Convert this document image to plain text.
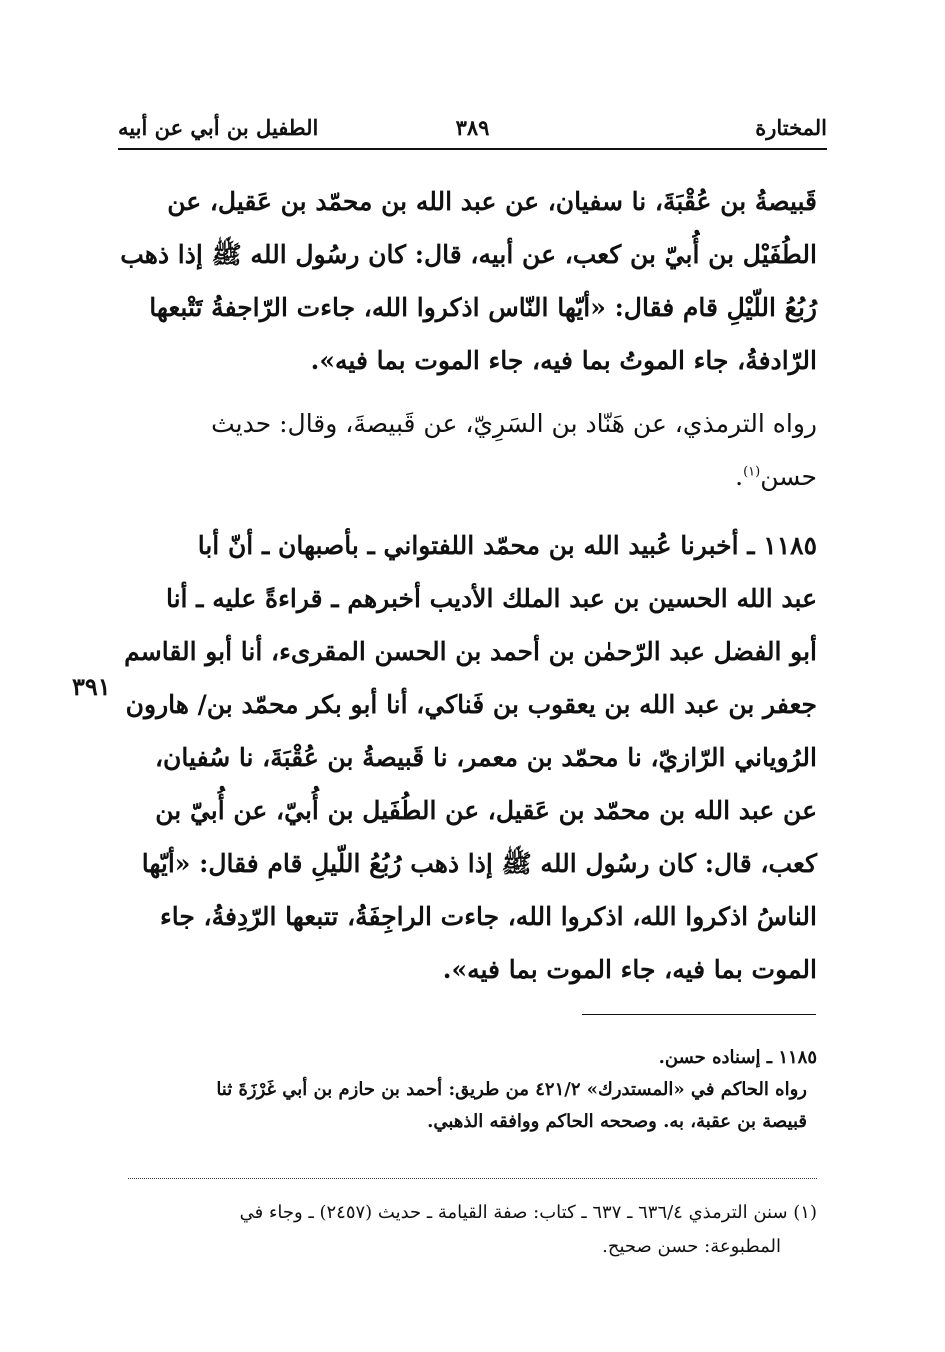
المختارة
٣٨٩
الطفيل بن أبي عن أبيه

قَبيصةُ بن عُقْبَةَ، نا سفيان، عن عبد الله بن محمّد بن عَقيل، عن
الطُفَيْل بن أُبيّ بن كعب، عن أبيه، قال: كان رسُول الله ﷺ إذا ذهب
رُبُعُ اللّيْلِ قام فقال: «أيّها النّاس اذكروا الله، جاءت الرّاجفةُ تَتْبعها
الرّادفةُ، جاء الموتُ بما فيه، جاء الموت بما فيه».

رواه الترمذي، عن هَنّاد بن السَرِيّ، عن قَبيصةَ، وقال: حديث
حسن$^{(١)}$.

١١٨٥ ـ أخبرنا عُبيد الله بن محمّد اللفتواني ـ بأصبهان ـ أنّ أبا
عبد الله الحسين بن عبد الملك الأديب أخبرهم ـ قراءةً عليه ـ أنا
أبو الفضل عبد الرّحمٰن بن أحمد بن الحسن المقرىء، أنا أبو القاسم
جعفر بن عبد الله بن يعقوب بن فَناكي، أنا أبو بكر محمّد بن/ هارون
الرُوياني الرّازيّ، نا محمّد بن معمر، نا قَبيصةُ بن عُقْبَةَ، نا سُفيان،
عن عبد الله بن محمّد بن عَقيل، عن الطُفَيل بن أُبيّ، عن أُبيّ بن
كعب، قال: كان رسُول الله ﷺ إذا ذهب رُبُعُ اللّيلِ قام فقال: «أيّها
الناسُ اذكروا الله، اذكروا الله، جاءت الراجِفَةُ، تتبعها الرّدِفةُ، جاء
الموت بما فيه، جاء الموت بما فيه».

٣٩١
١١٨٥ ـ إسناده حسن.
رواه الحاكم في «المستدرك» ٤٢١/٢ من طريق: أحمد بن حازم بن أبي غَرْزَةَ ثنا
قبيصة بن عقبة، به. وصححه الحاكم ووافقه الذهبي.
(١) سنن الترمذي ٦٣٦/٤ ـ ٦٣٧ ـ كتاب: صفة القيامة ـ حديث (٢٤٥٧) ـ وجاء في
المطبوعة: حسن صحيح.
